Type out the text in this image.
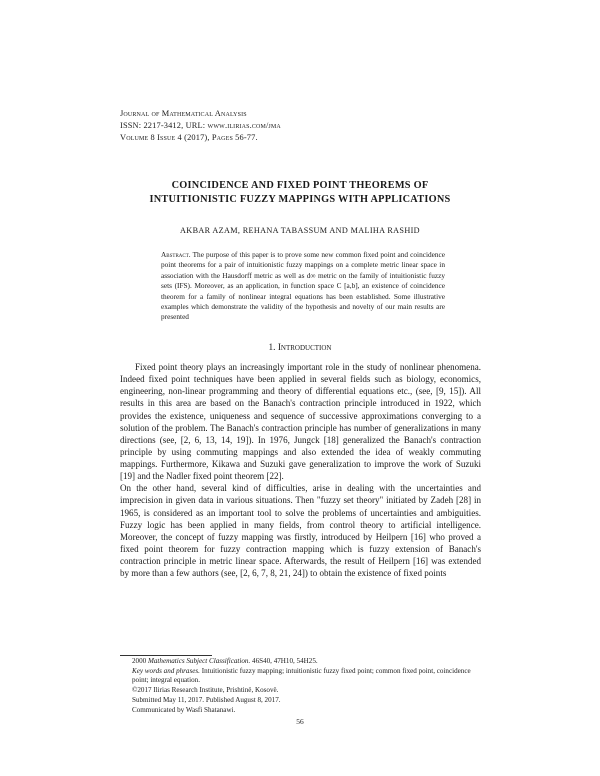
Journal of Mathematical Analysis
ISSN: 2217-3412, URL: www.ilirias.com/jma
Volume 8 Issue 4 (2017), Pages 56-77.
COINCIDENCE AND FIXED POINT THEOREMS OF
INTUITIONISTIC FUZZY MAPPINGS WITH APPLICATIONS
AKBAR AZAM, REHANA TABASSUM AND MALIHA RASHID
Abstract. The purpose of this paper is to prove some new common fixed point and coincidence point theorems for a pair of intuitionistic fuzzy mappings on a complete metric linear space in association with the Hausdorff metric as well as d∞ metric on the family of intuitionistic fuzzy sets (IFS). Moreover, as an application, in function space C [a,b], an existence of coincidence theorem for a family of nonlinear integral equations has been established. Some illustrative examples which demonstrate the validity of the hypothesis and novelty of our main results are presented
1. Introduction

Fixed point theory plays an increasingly important role in the study of nonlinear phenomena. Indeed fixed point techniques have been applied in several fields such as biology, economics, engineering, non-linear programming and theory of differential equations etc., (see, [9, 15]). All results in this area are based on the Banach's contraction principle introduced in 1922, which provides the existence, uniqueness and sequence of successive approximations converging to a solution of the problem. The Banach's contraction principle has number of generalizations in many directions (see, [2, 6, 13, 14, 19]). In 1976, Jungck [18] generalized the Banach's contraction principle by using commuting mappings and also extended the idea of weakly commuting mappings. Furthermore, Kikawa and Suzuki gave generalization to improve the work of Suzuki [19] and the Nadler fixed point theorem [22].

On the other hand, several kind of difficulties, arise in dealing with the uncertainties and imprecision in given data in various situations. Then "fuzzy set theory" initiated by Zadeh [28] in 1965, is considered as an important tool to solve the problems of uncertainties and ambiguities. Fuzzy logic has been applied in many fields, from control theory to artificial intelligence. Moreover, the concept of fuzzy mapping was firstly, introduced by Heilpern [16] who proved a fixed point theorem for fuzzy contraction mapping which is fuzzy extension of Banach's contraction principle in metric linear space. Afterwards, the result of Heilpern [16] was extended by more than a few authors (see, [2, 6, 7, 8, 21, 24]) to obtain the existence of fixed points

2000 Mathematics Subject Classification. 46S40, 47H10, 54H25.
Key words and phrases. Intuitionistic fuzzy mapping; intuitionistic fuzzy fixed point; common fixed point, coincidence point; integral equation.
©2017 Ilirias Research Institute, Prishtinë, Kosovë.
Submitted May 11, 2017. Published August 8, 2017.
Communicated by Wasfi Shatanawi.
56
